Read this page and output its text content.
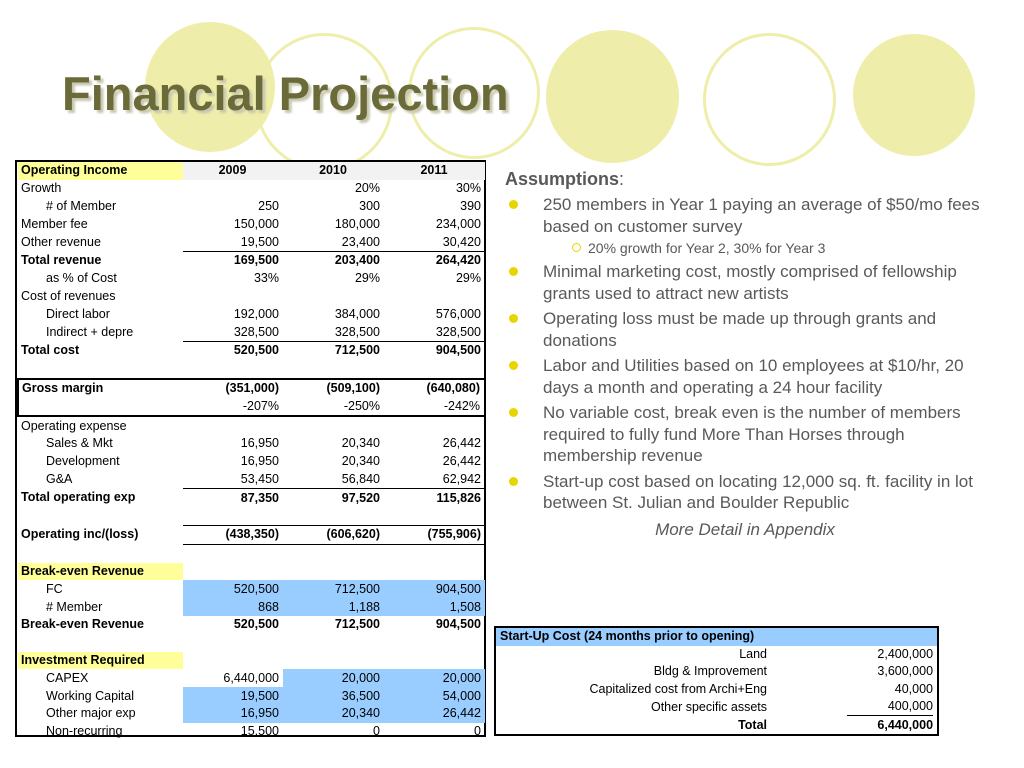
Financial Projection
Operating Income	2009	2010	2011
Growth		20%	30%
# of Member	250	300	390
Member fee	150,000	180,000	234,000
Other revenue	19,500	23,400	30,420
Total revenue	169,500	203,400	264,420
as % of Cost	33%	29%	29%
Cost of revenues			
Direct labor	192,000	384,000	576,000
Indirect + depre	328,500	328,500	328,500
Total cost	520,500	712,500	904,500

Gross margin	(351,000)	(509,100)	(640,080)
	-207%	-250%	-242%
Operating expense			
Sales & Mkt	16,950	20,340	26,442
Development	16,950	20,340	26,442
G&A	53,450	56,840	62,942
Total operating exp	87,350	97,520	115,826

Operating inc/(loss)	(438,350)	(606,620)	(755,906)

Break-even Revenue			
FC	520,500	712,500	904,500
# Member	868	1,188	1,508
Break-even Revenue	520,500	712,500	904,500

Investment Required			
CAPEX	6,440,000	20,000	20,000
Working Capital	19,500	36,500	54,000
Other major exp	16,950	20,340	26,442
Non-recurring	15,500	0	0
Assumptions:
250 members in Year 1 paying an average of $50/mo fees based on customer survey
20% growth for Year 2, 30% for Year 3
Minimal marketing cost, mostly comprised of fellowship grants used to attract new artists
Operating loss must be made up through grants and donations
Labor and Utilities based on 10 employees at $10/hr, 20 days a month and operating a 24 hour facility
No variable cost, break even is the number of members required to fully fund More Than Horses through membership revenue
Start-up cost based on locating 12,000 sq. ft. facility in lot between St. Julian and Boulder Republic
More Detail in Appendix
Start-Up Cost (24 months prior to opening)	
Land	2,400,000
Bldg & Improvement	3,600,000
Capitalized cost from Archi+Eng	40,000
Other specific assets	400,000
Total	6,440,000
